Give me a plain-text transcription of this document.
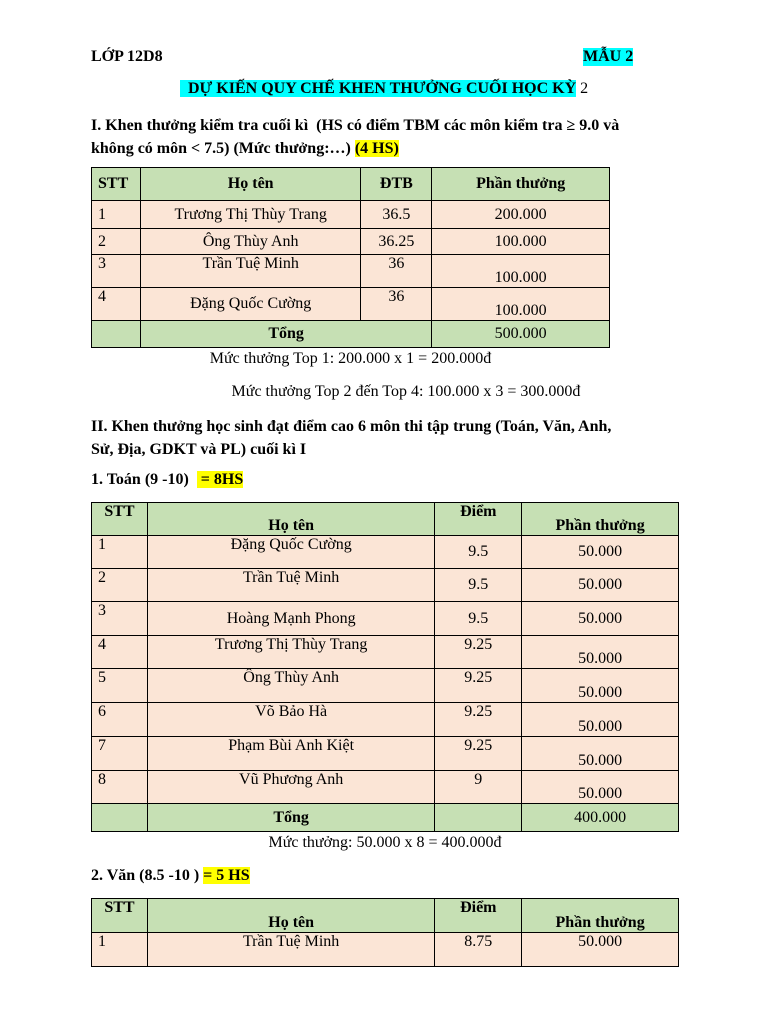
LỚP 12D8	MẪU 2
DỰ KIẾN QUY CHẾ KHEN THƯỞNG CUỐI HỌC KỲ 2
I. Khen thưởng kiểm tra cuối kì  (HS có điểm TBM các môn kiểm tra ≥ 9.0 và
không có môn < 7.5) (Mức thưởng:…) (4 HS)
STT	Họ tên	ĐTB	Phần thưởng
1	Trương Thị Thùy Trang	36.5	200.000
2	Ông Thùy Anh	36.25	100.000
3	Trần Tuệ Minh	36	100.000
4	Đặng Quốc Cường	36	100.000
	Tổng		500.000
Mức thưởng Top 1: 200.000 x 1 = 200.000đ
Mức thưởng Top 2 đến Top 4: 100.000 x 3 = 300.000đ
II. Khen thưởng học sinh đạt điểm cao 6 môn thi tập trung (Toán, Văn, Anh,
Sử, Địa, GDKT và PL) cuối kì I
1. Toán (9 -10)   = 8HS
STT	Họ tên	Điểm	Phần thưởng
1	Đặng Quốc Cường	9.5	50.000
2	Trần Tuệ Minh	9.5	50.000
3	Hoàng Mạnh Phong	9.5	50.000
4	Trương Thị Thùy Trang	9.25	50.000
5	Ông Thùy Anh	9.25	50.000
6	Võ Bảo Hà	9.25	50.000
7	Phạm Bùi Anh Kiệt	9.25	50.000
8	Vũ Phương Anh	9	50.000
	Tổng		400.000
Mức thưởng: 50.000 x 8 = 400.000đ
2. Văn (8.5 -10 ) = 5 HS
STT	Họ tên	Điểm	Phần thưởng
1	Trần Tuệ Minh	8.75	50.000
